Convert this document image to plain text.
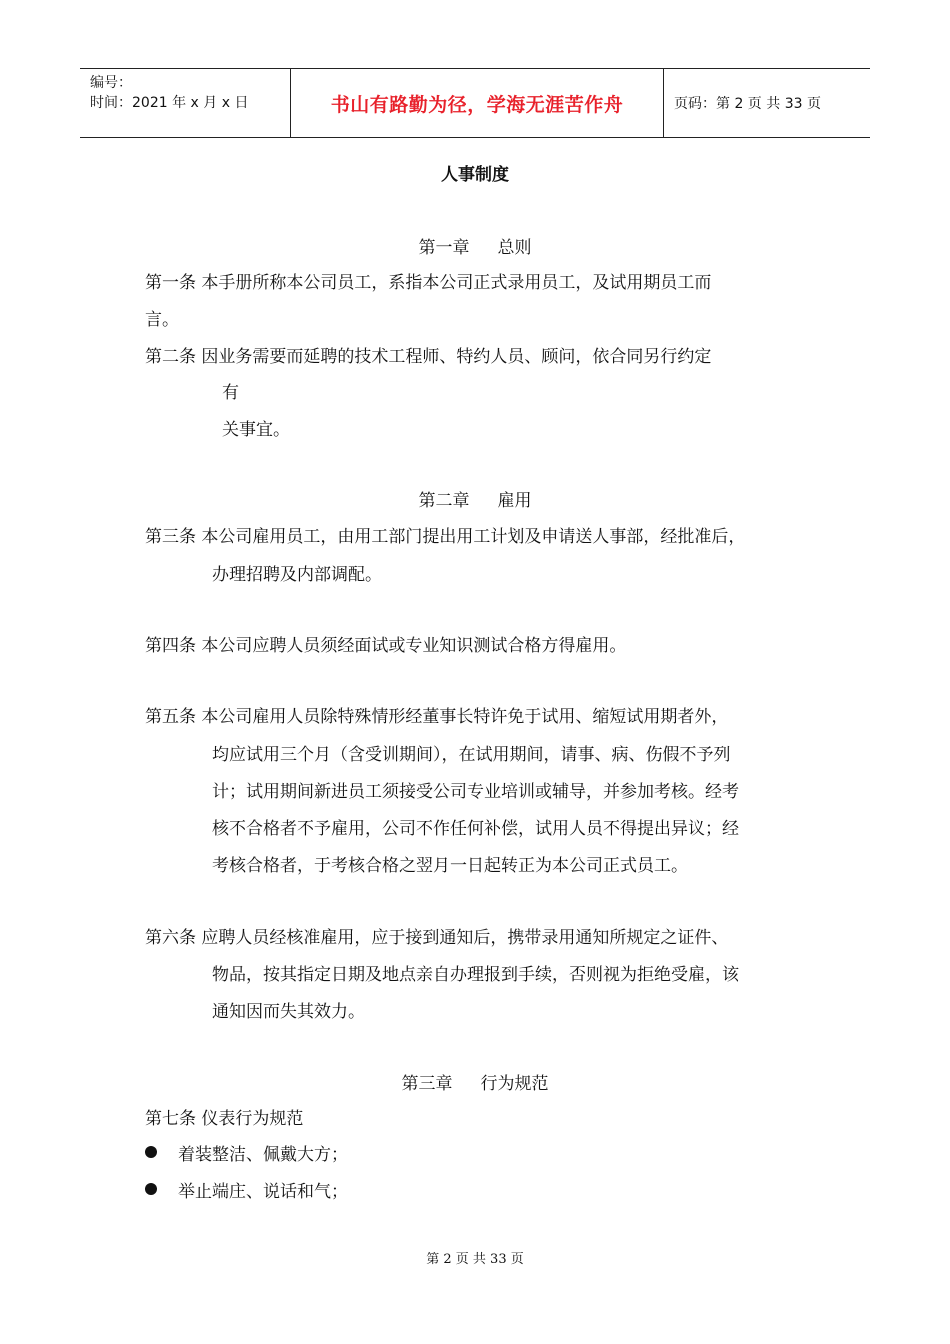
编号：
时间：2021 年 x 月 x 日	书山有路勤为径，学海无涯苦作舟	页码：第 2 页 共 33 页
人事制度
第一章 总则
第一条 本手册所称本公司员工，系指本公司正式录用员工，及试用期员工而
言。
第二条 因业务需要而延聘的技术工程师、特约人员、顾问，依合同另行约定
有
关事宜。
第二章 雇用
第三条 本公司雇用员工，由用工部门提出用工计划及申请送人事部，经批准后，
办理招聘及内部调配。
第四条 本公司应聘人员须经面试或专业知识测试合格方得雇用。
第五条 本公司雇用人员除特殊情形经董事长特许免于试用、缩短试用期者外，
均应试用三个月（含受训期间），在试用期间，请事、病、伤假不予列
计；试用期间新进员工须接受公司专业培训或辅导，并参加考核。经考
核不合格者不予雇用，公司不作任何补偿，试用人员不得提出异议；经
考核合格者，于考核合格之翌月一日起转正为本公司正式员工。
第六条 应聘人员经核准雇用，应于接到通知后，携带录用通知所规定之证件、
物品，按其指定日期及地点亲自办理报到手续，否则视为拒绝受雇，该
通知因而失其效力。
第三章 行为规范
第七条 仪表行为规范
着装整洁、佩戴大方；
举止端庄、说话和气；
第 2 页 共 33 页
